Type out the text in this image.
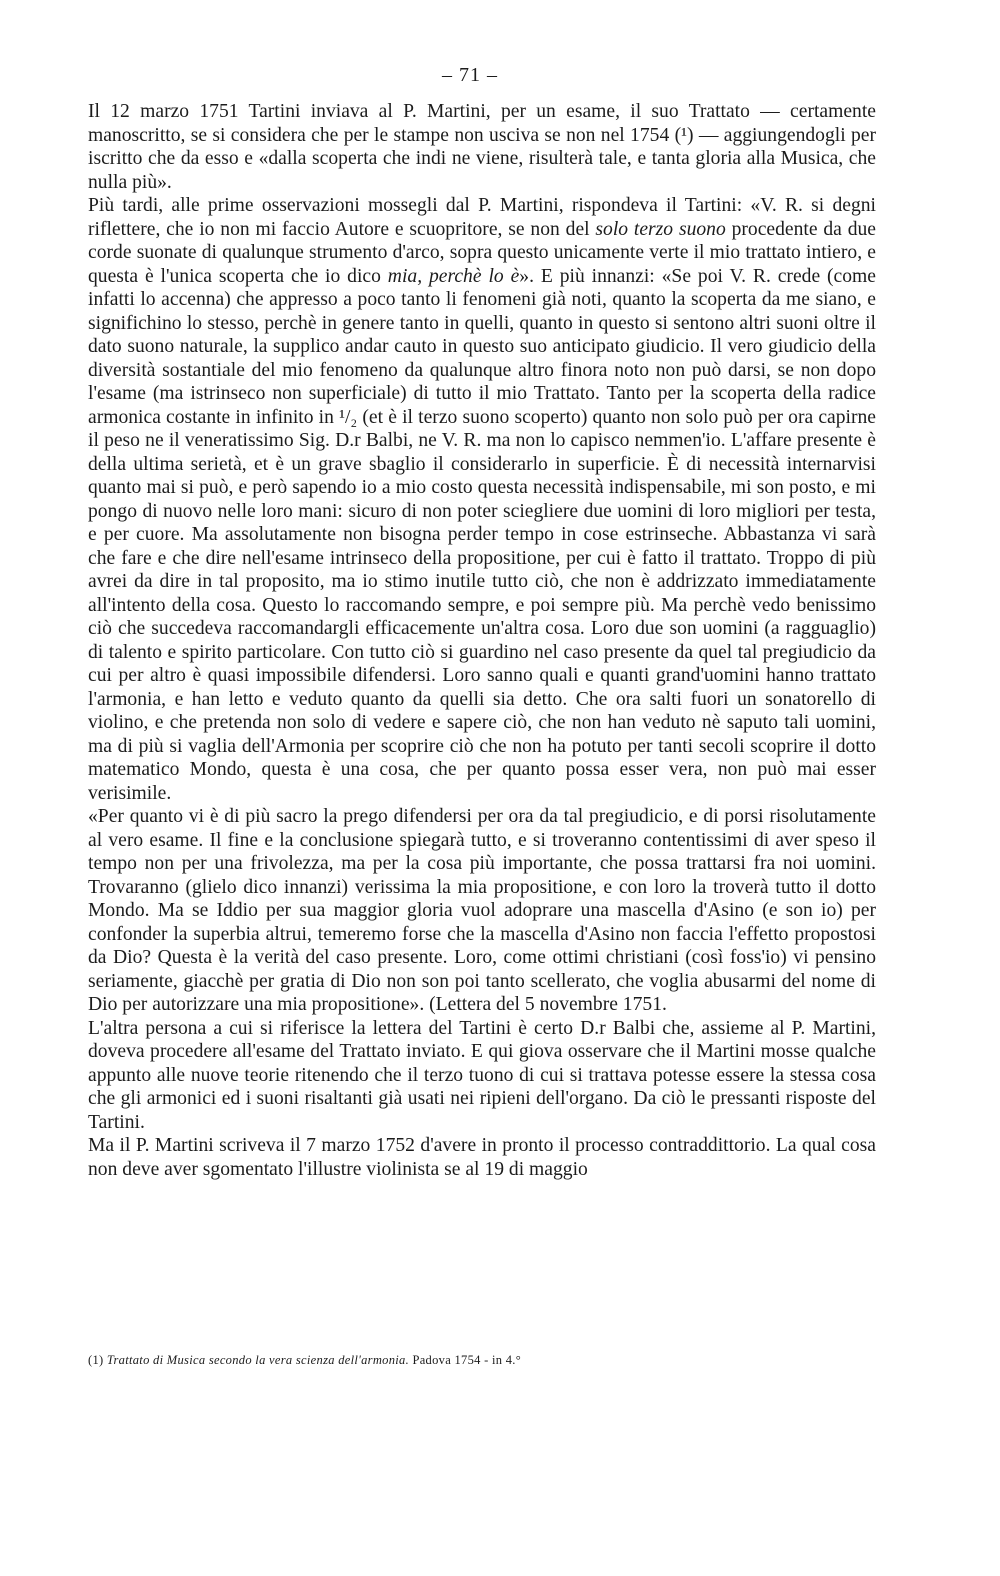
– 71 –

Il 12 marzo 1751 Tartini inviava al P. Martini, per un esame, il suo Trattato — certamente manoscritto, se si considera che per le stampe non usciva se non nel 1754 (¹) — aggiungendogli per iscritto che da esso e «dalla scoperta che indi ne viene, risulterà tale, e tanta gloria alla Musica, che nulla più».

Più tardi, alle prime osservazioni mossegli dal P. Martini, rispondeva il Tartini: «V. R. si degni riflettere, che io non mi faccio Autore e scuopritore, se non del solo terzo suono procedente da due corde suonate di qualunque strumento d'arco, sopra questo unicamente verte il mio trattato intiero, e questa è l'unica scoperta che io dico mia, perchè lo è». E più innanzi: «Se poi V. R. crede (come infatti lo accenna) che appresso a poco tanto li fenomeni già noti, quanto la scoperta da me siano, e significhino lo stesso, perchè in genere tanto in quelli, quanto in questo si sentono altri suoni oltre il dato suono naturale, la supplico andar cauto in questo suo anticipato giudicio. Il vero giudicio della diversità sostantiale del mio fenomeno da qualunque altro finora noto non può darsi, se non dopo l'esame (ma istrinseco non superficiale) di tutto il mio Trattato. Tanto per la scoperta della radice armonica costante in infinito in ¹/₂ (et è il terzo suono scoperto) quanto non solo può per ora capirne il peso ne il veneratissimo Sig. D.r Balbi, ne V. R. ma non lo capisco nemmen'io. L'affare presente è della ultima serietà, et è un grave sbaglio il considerarlo in superficie. È di necessità internarvisi quanto mai si può, e però sapendo io a mio costo questa necessità indispensabile, mi son posto, e mi pongo di nuovo nelle loro mani: sicuro di non poter sciegliere due uomini di loro migliori per testa, e per cuore. Ma assolutamente non bisogna perder tempo in cose estrinseche. Abbastanza vi sarà che fare e che dire nell'esame intrinseco della propositione, per cui è fatto il trattato. Troppo di più avrei da dire in tal proposito, ma io stimo inutile tutto ciò, che non è addrizzato immediatamente all'intento della cosa. Questo lo raccomando sempre, e poi sempre più. Ma perchè vedo benissimo ciò che succedeva raccomandargli efficacemente un'altra cosa. Loro due son uomini (a ragguaglio) di talento e spirito particolare. Con tutto ciò si guardino nel caso presente da quel tal pregiudicio da cui per altro è quasi impossibile difendersi. Loro sanno quali e quanti grand'uomini hanno trattato l'armonia, e han letto e veduto quanto da quelli sia detto. Che ora salti fuori un sonatorello di violino, e che pretenda non solo di vedere e sapere ciò, che non han veduto nè saputo tali uomini, ma di più si vaglia dell'Armonia per scoprire ciò che non ha potuto per tanti secoli scoprire il dotto matematico Mondo, questa è una cosa, che per quanto possa esser vera, non può mai esser verisimile.

«Per quanto vi è di più sacro la prego difendersi per ora da tal pregiudicio, e di porsi risolutamente al vero esame. Il fine e la conclusione spiegarà tutto, e si troveranno contentissimi di aver speso il tempo non per una frivolezza, ma per la cosa più importante, che possa trattarsi fra noi uomini. Trovaranno (glielo dico innanzi) verissima la mia propositione, e con loro la troverà tutto il dotto Mondo. Ma se Iddio per sua maggior gloria vuol adoprare una mascella d'Asino (e son io) per confonder la superbia altrui, temeremo forse che la mascella d'Asino non faccia l'effetto propostosi da Dio? Questa è la verità del caso presente. Loro, come ottimi christiani (così foss'io) vi pensino seriamente, giacchè per gratia di Dio non son poi tanto scellerato, che voglia abusarmi del nome di Dio per autorizzare una mia propositione». (Lettera del 5 novembre 1751.

L'altra persona a cui si riferisce la lettera del Tartini è certo D.r Balbi che, assieme al P. Martini, doveva procedere all'esame del Trattato inviato. E qui giova osservare che il Martini mosse qualche appunto alle nuove teorie ritenendo che il terzo tuono di cui si trattava potesse essere la stessa cosa che gli armonici ed i suoni risaltanti già usati nei ripieni dell'organo. Da ciò le pressanti risposte del Tartini.

Ma il P. Martini scriveva il 7 marzo 1752 d'avere in pronto il processo contraddittorio. La qual cosa non deve aver sgomentato l'illustre violinista se al 19 di maggio

(1) Trattato di Musica secondo la vera scienza dell'armonia. Padova 1754 - in 4.°
